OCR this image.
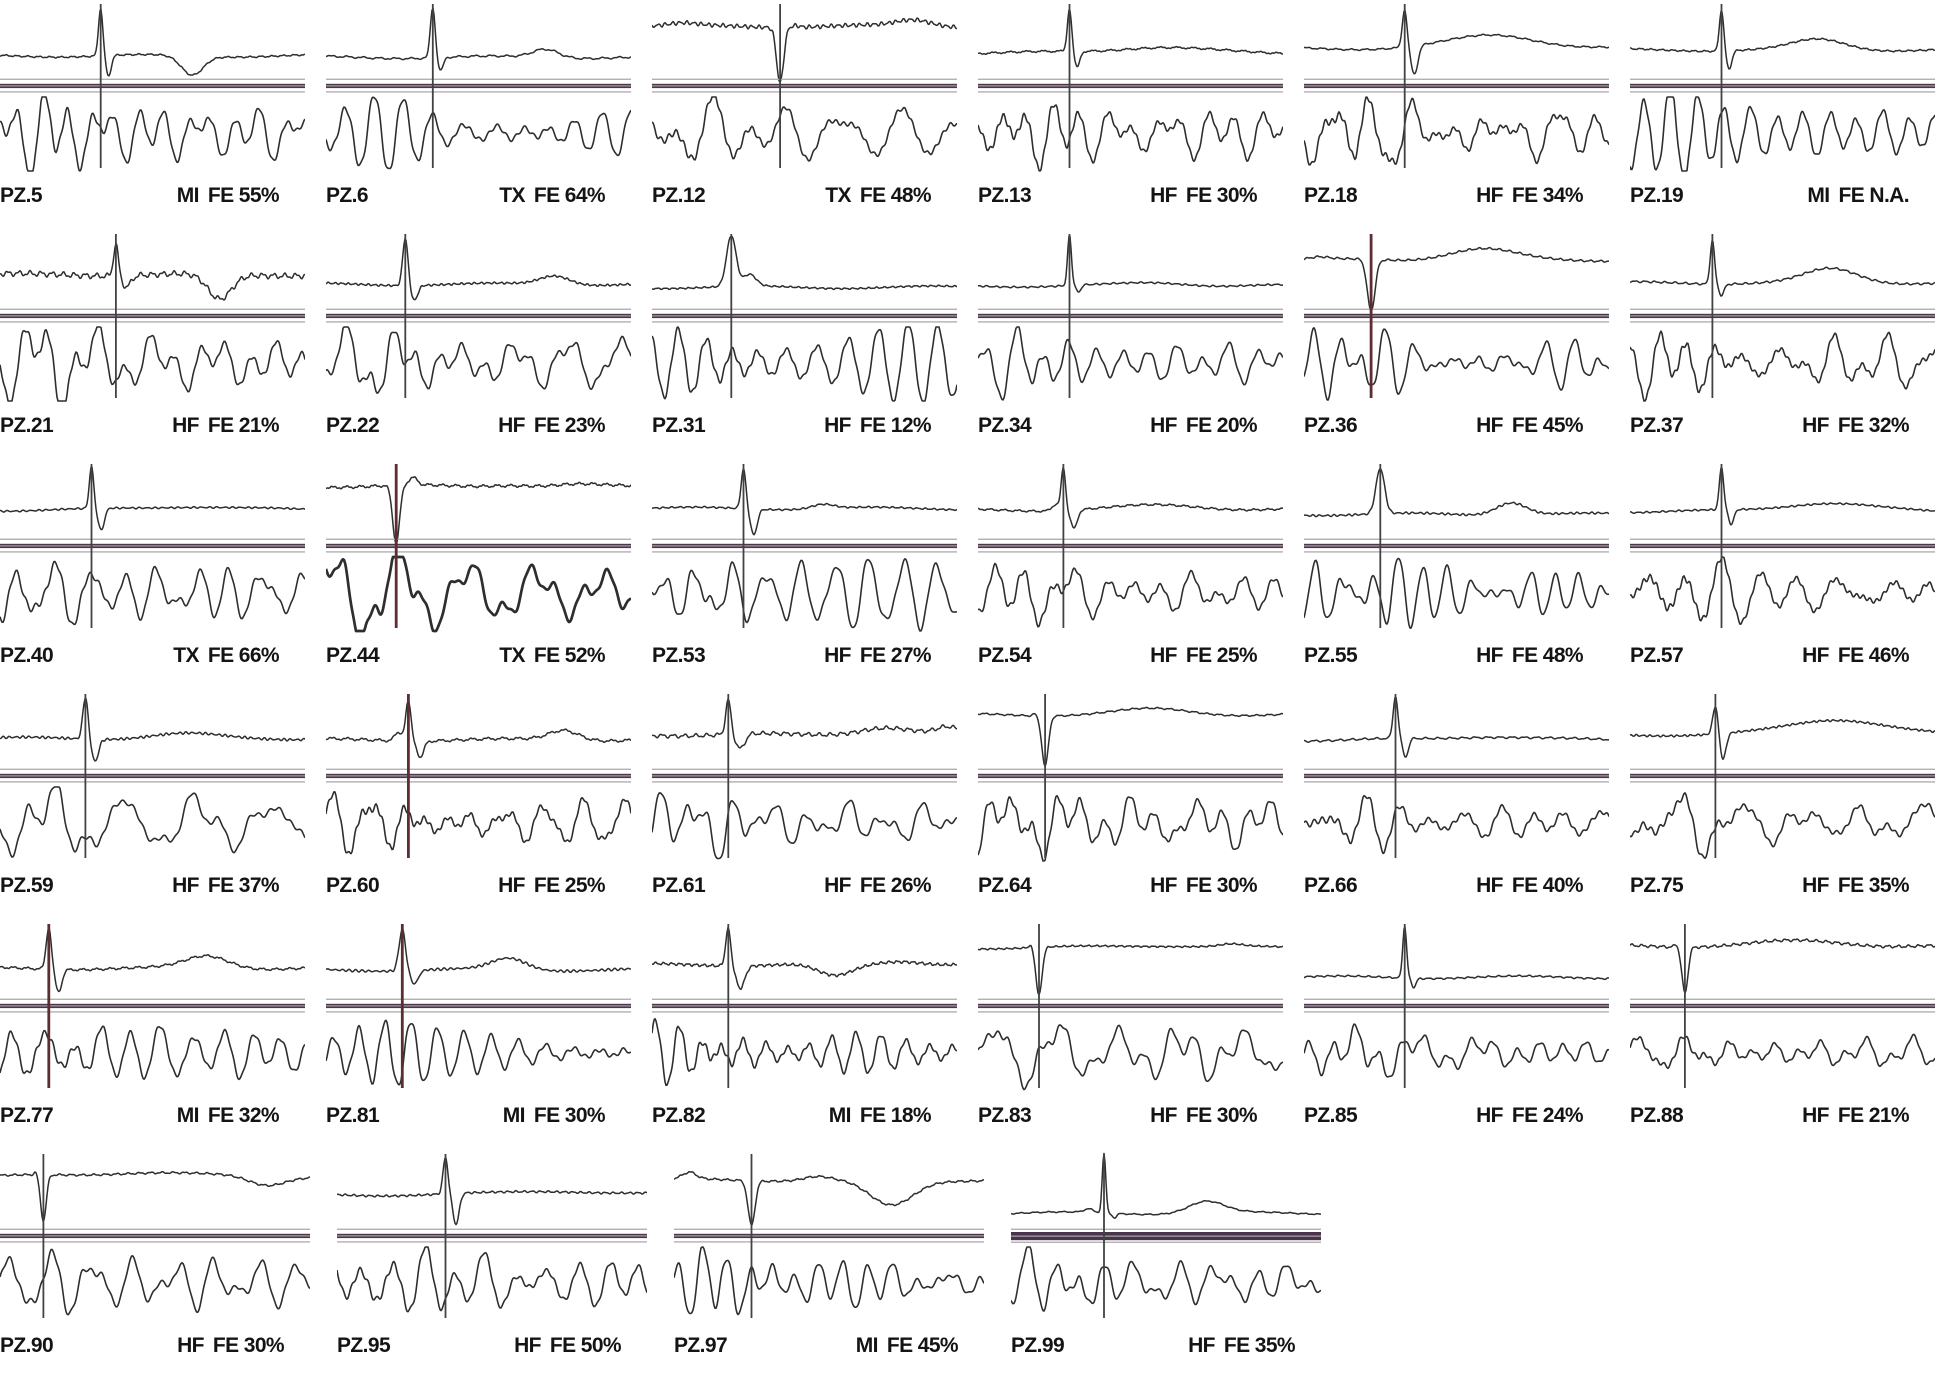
PZ.5	MI FE 55% PZ.6	TX FE 64% PZ.12	TX FE 48% PZ.13	HF FE 30% PZ.18	HF FE 34% PZ.19	MI FE N.A.
PZ.21	HF FE 21% PZ.22	HF FE 23% PZ.31	HF FE 12% PZ.34	HF FE 20% PZ.36	HF FE 45% PZ.37	HF FE 32%
PZ.40	TX FE 66% PZ.44	TX FE 52% PZ.53	HF FE 27% PZ.54	HF FE 25% PZ.55	HF FE 48% PZ.57	HF FE 46%
PZ.59	HF FE 37% PZ.60	HF FE 25% PZ.61	HF FE 26% PZ.64	HF FE 30% PZ.66	HF FE 40% PZ.75	HF FE 35%
PZ.77	MI FE 32% PZ.81	MI FE 30% PZ.82	MI FE 18% PZ.83	HF FE 30% PZ.85	HF FE 24% PZ.88	HF FE 21%
PZ.90	HF FE 30%	PZ.95	HF FE 50%	PZ.97	MI FE 45%	PZ.99	HF FE 35%
